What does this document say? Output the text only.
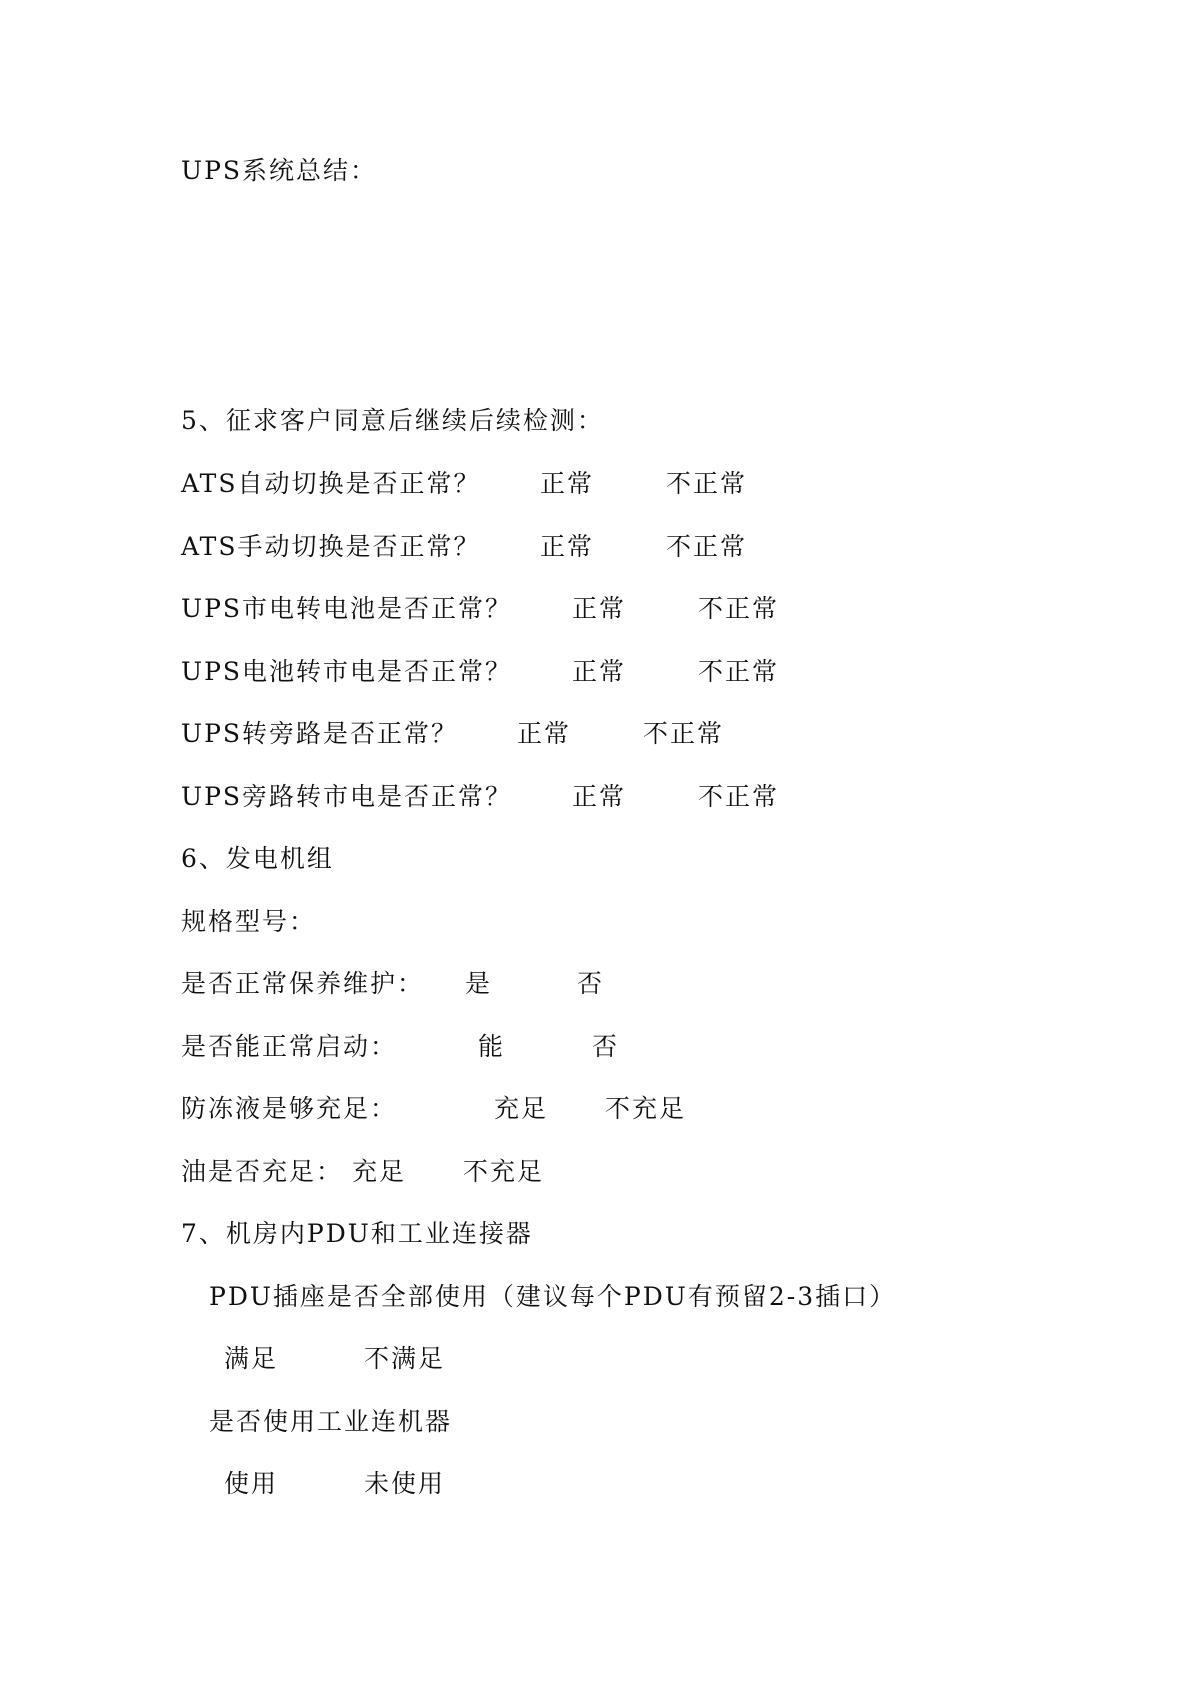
UPS系统总结：
5、征求客户同意后继续后续检测：
ATS自动切换是否正常？ 正常	不正常
ATS手动切换是否正常？ 正常	不正常
UPS市电转电池是否正常？ 正常	不正常
UPS电池转市电是否正常？ 正常	不正常
UPS转旁路是否正常？ 正常	不正常
UPS旁路转市电是否正常？ 正常	不正常
6、发电机组
规格型号：
是否正常保养维护： 是	否
是否能正常启动：	能	否
防冻液是够充足：	充足 不充足
油是否充足： 充足 不充足
7、机房内PDU和工业连接器
PDU插座是否全部使用（建议每个PDU有预留2-3插口）
满足	不满足
是否使用工业连机器
使用	未使用
